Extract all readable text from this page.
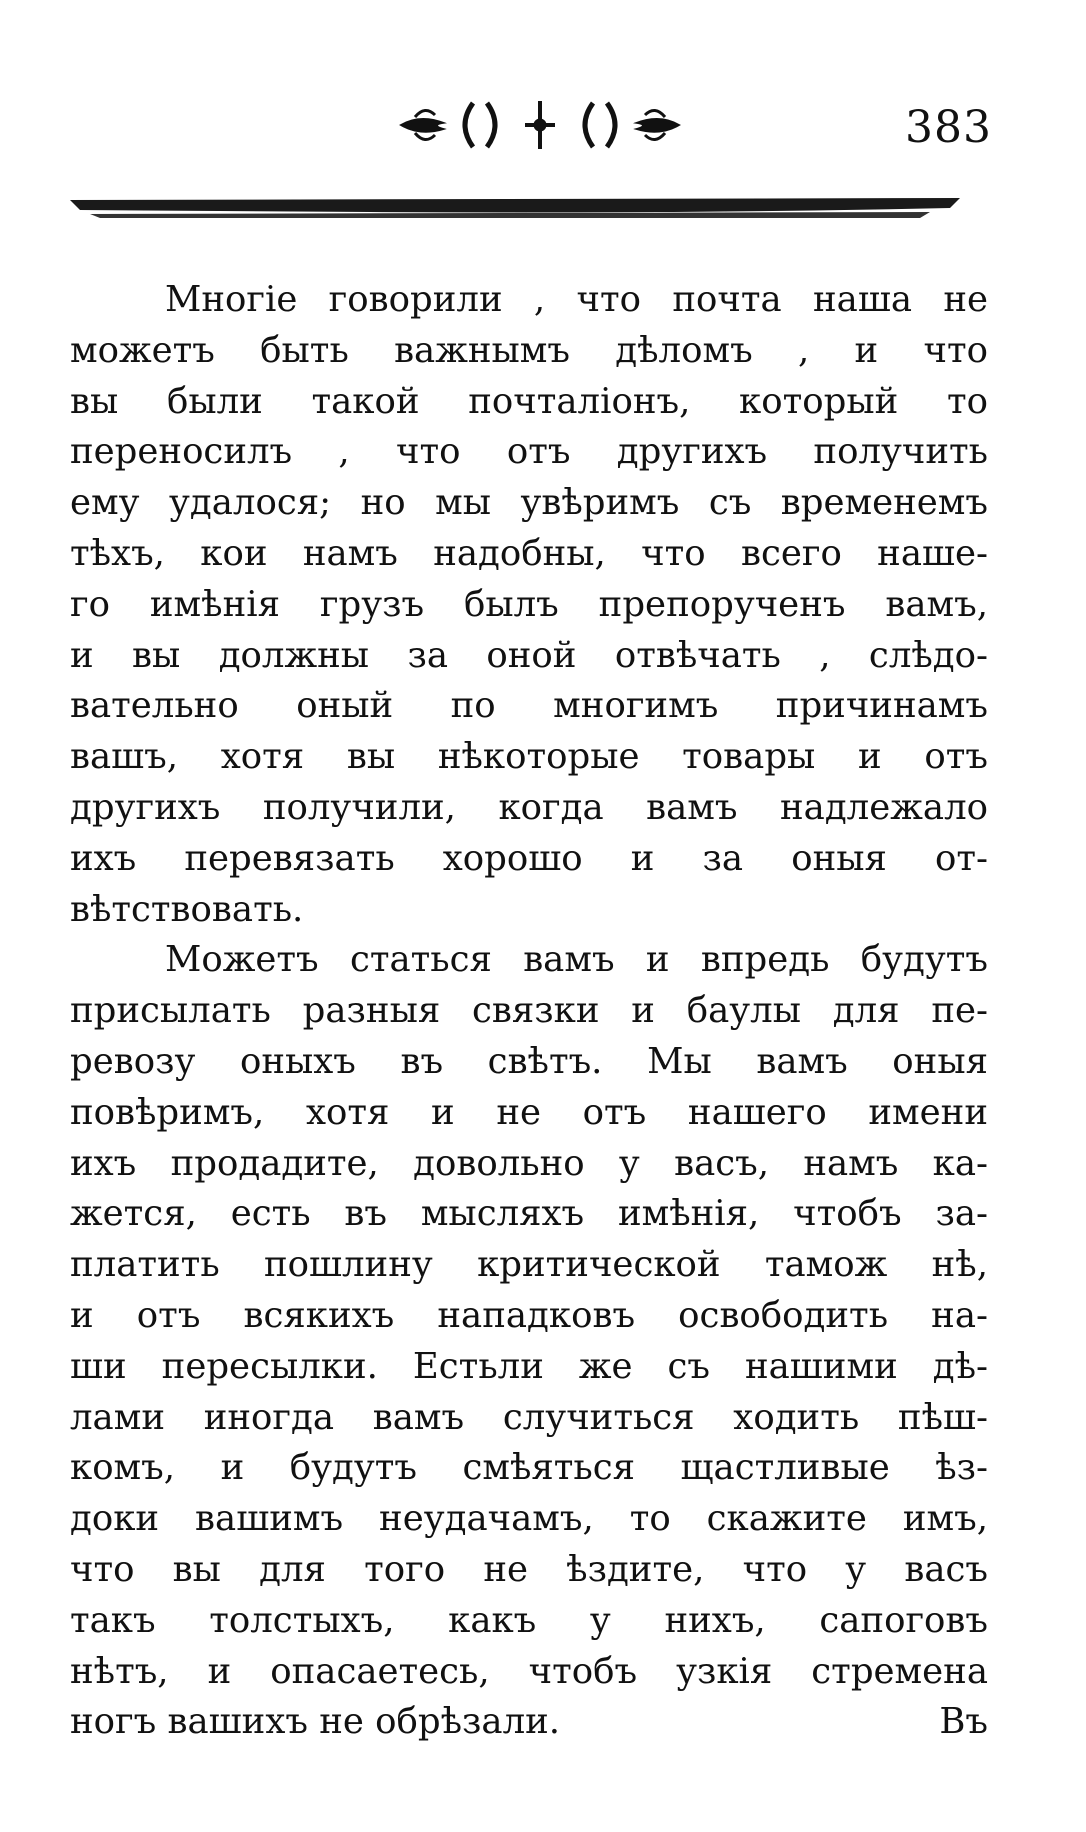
383
Многіе говорили , что почта наша не
можетъ быть важнымъ дѣломъ , и что
вы были такой почталіонъ, который то
переносилъ , что отъ другихъ получить
ему удалося; но мы увѣримъ съ временемъ
тѣхъ, кои намъ надобны, что всего наше-
го имѣнія грузъ былъ препорученъ вамъ,
и вы должны за оной отвѣчать , слѣдо-
вательно оный по многимъ причинамъ
вашъ, хотя вы нѣкоторые товары и отъ
другихъ получили, когда вамъ надлежало
ихъ перевязать хорошо и за оныя от-
вѣтствовать.
Можетъ статься вамъ и впредь будутъ
присылать разныя связки и баулы для пе-
ревозу оныхъ въ свѣтъ. Мы вамъ оныя
повѣримъ, хотя и не отъ нашего имени
ихъ продадите, довольно у васъ, намъ ка-
жется, есть въ мысляхъ имѣнія, чтобъ за-
платить пошлину критической тамож нѣ,
и отъ всякихъ нападковъ освободить на-
ши пересылки. Естьли же съ нашими дѣ-
лами иногда вамъ случиться ходить пѣш-
комъ, и будутъ смѣяться щастливые ѣз-
доки вашимъ неудачамъ, то скажите имъ,
что вы для того не ѣздите, что у васъ
такъ толстыхъ, какъ у нихъ, сапоговъ
нѣтъ, и опасаетесь, чтобъ узкія стремена
ногъ вашихъ не обрѣзали.	Въ
